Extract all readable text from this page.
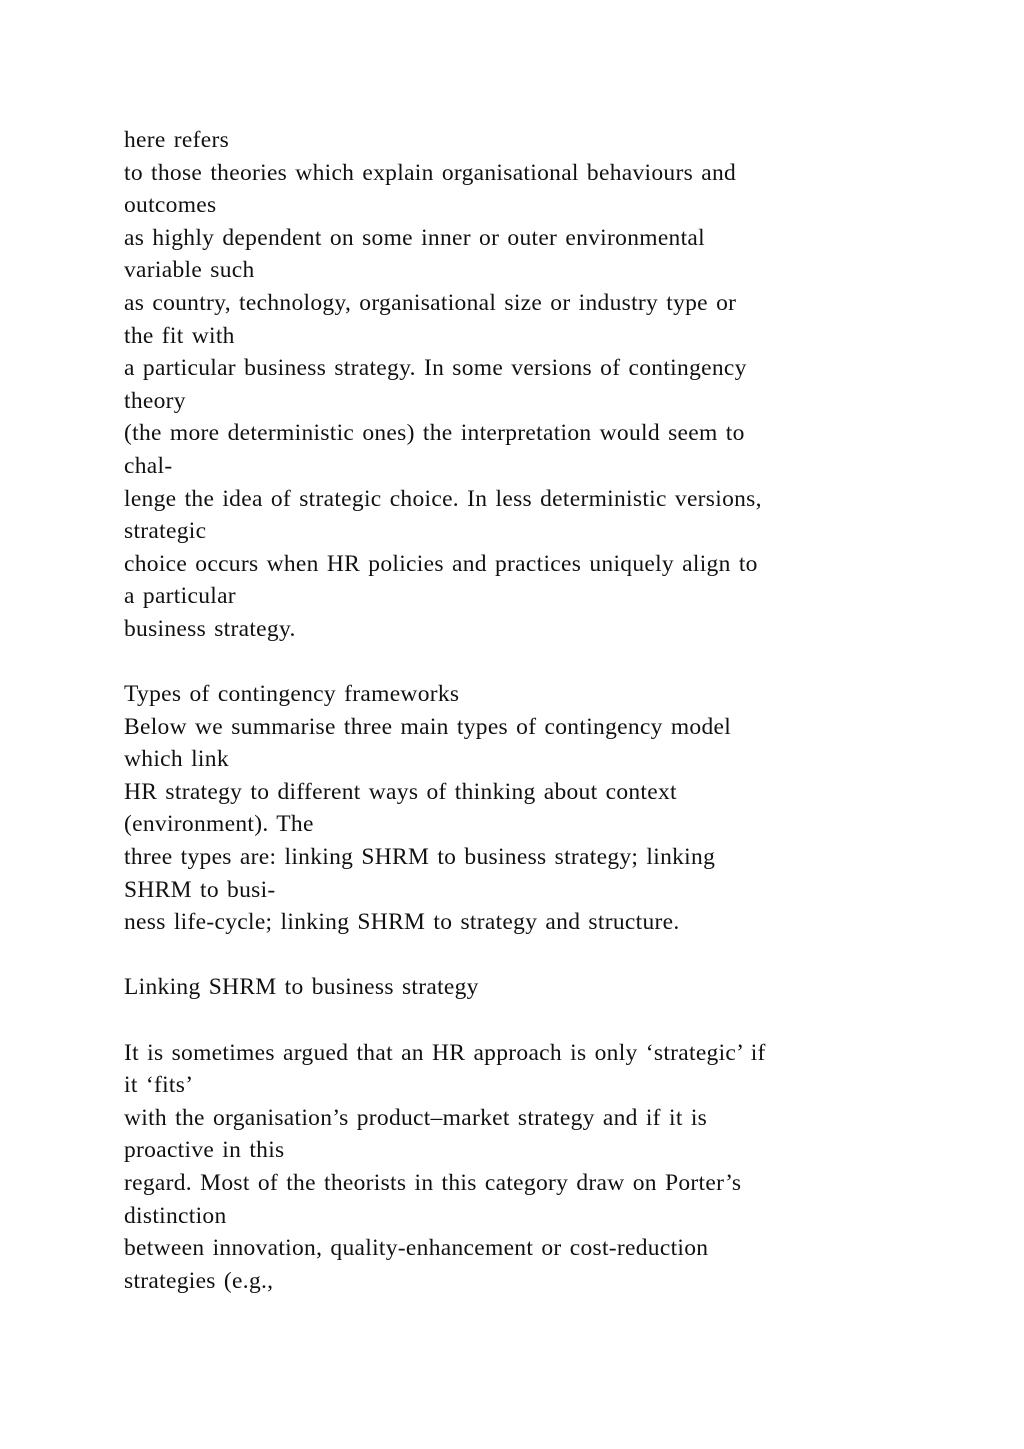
here refers
to those theories which explain organisational behaviours and
outcomes
as highly dependent on some inner or outer environmental
variable such
as country, technology, organisational size or industry type or
the fit with
a particular business strategy. In some versions of contingency
theory
(the more deterministic ones) the interpretation would seem to
chal-
lenge the idea of strategic choice. In less deterministic versions,
strategic
choice occurs when HR policies and practices uniquely align to
a particular
business strategy.
Types of contingency frameworks
Below we summarise three main types of contingency model
which link
HR strategy to different ways of thinking about context
(environment). The
three types are: linking SHRM to business strategy; linking
SHRM to busi-
ness life-cycle; linking SHRM to strategy and structure.
Linking SHRM to business strategy
It is sometimes argued that an HR approach is only ‘strategic’ if
it ‘fits’
with the organisation’s product–market strategy and if it is
proactive in this
regard. Most of the theorists in this category draw on Porter’s
distinction
between innovation, quality-enhancement or cost-reduction
strategies (e.g.,
